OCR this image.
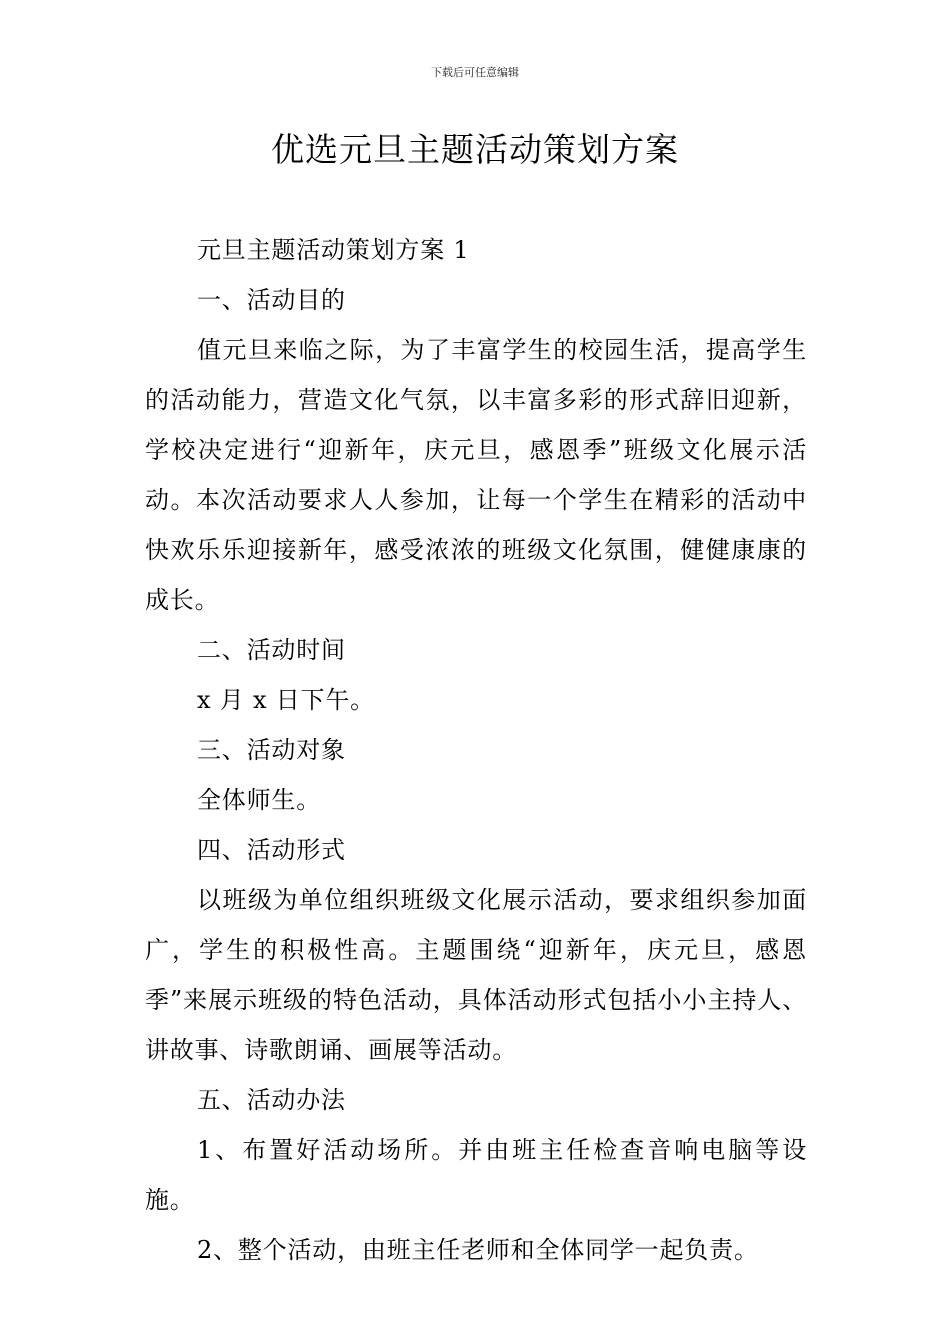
下载后可任意编辑
优选元旦主题活动策划方案

元旦主题活动策划方案 1

一、活动目的

值元旦来临之际，为了丰富学生的校园生活，提高学生的活动能力，营造文化气氛，以丰富多彩的形式辞旧迎新，学校决定进行“迎新年，庆元旦，感恩季”班级文化展示活动。本次活动要求人人参加，让每一个学生在精彩的活动中快欢乐乐迎接新年，感受浓浓的班级文化氛围，健健康康的成长。

二、活动时间

x 月 x 日下午。

三、活动对象

全体师生。

四、活动形式

以班级为单位组织班级文化展示活动，要求组织参加面广，学生的积极性高。主题围绕“迎新年，庆元旦，感恩季”来展示班级的特色活动，具体活动形式包括小小主持人、讲故事、诗歌朗诵、画展等活动。

五、活动办法

1、布置好活动场所。并由班主任检查音响电脑等设施。

2、整个活动，由班主任老师和全体同学一起负责。
